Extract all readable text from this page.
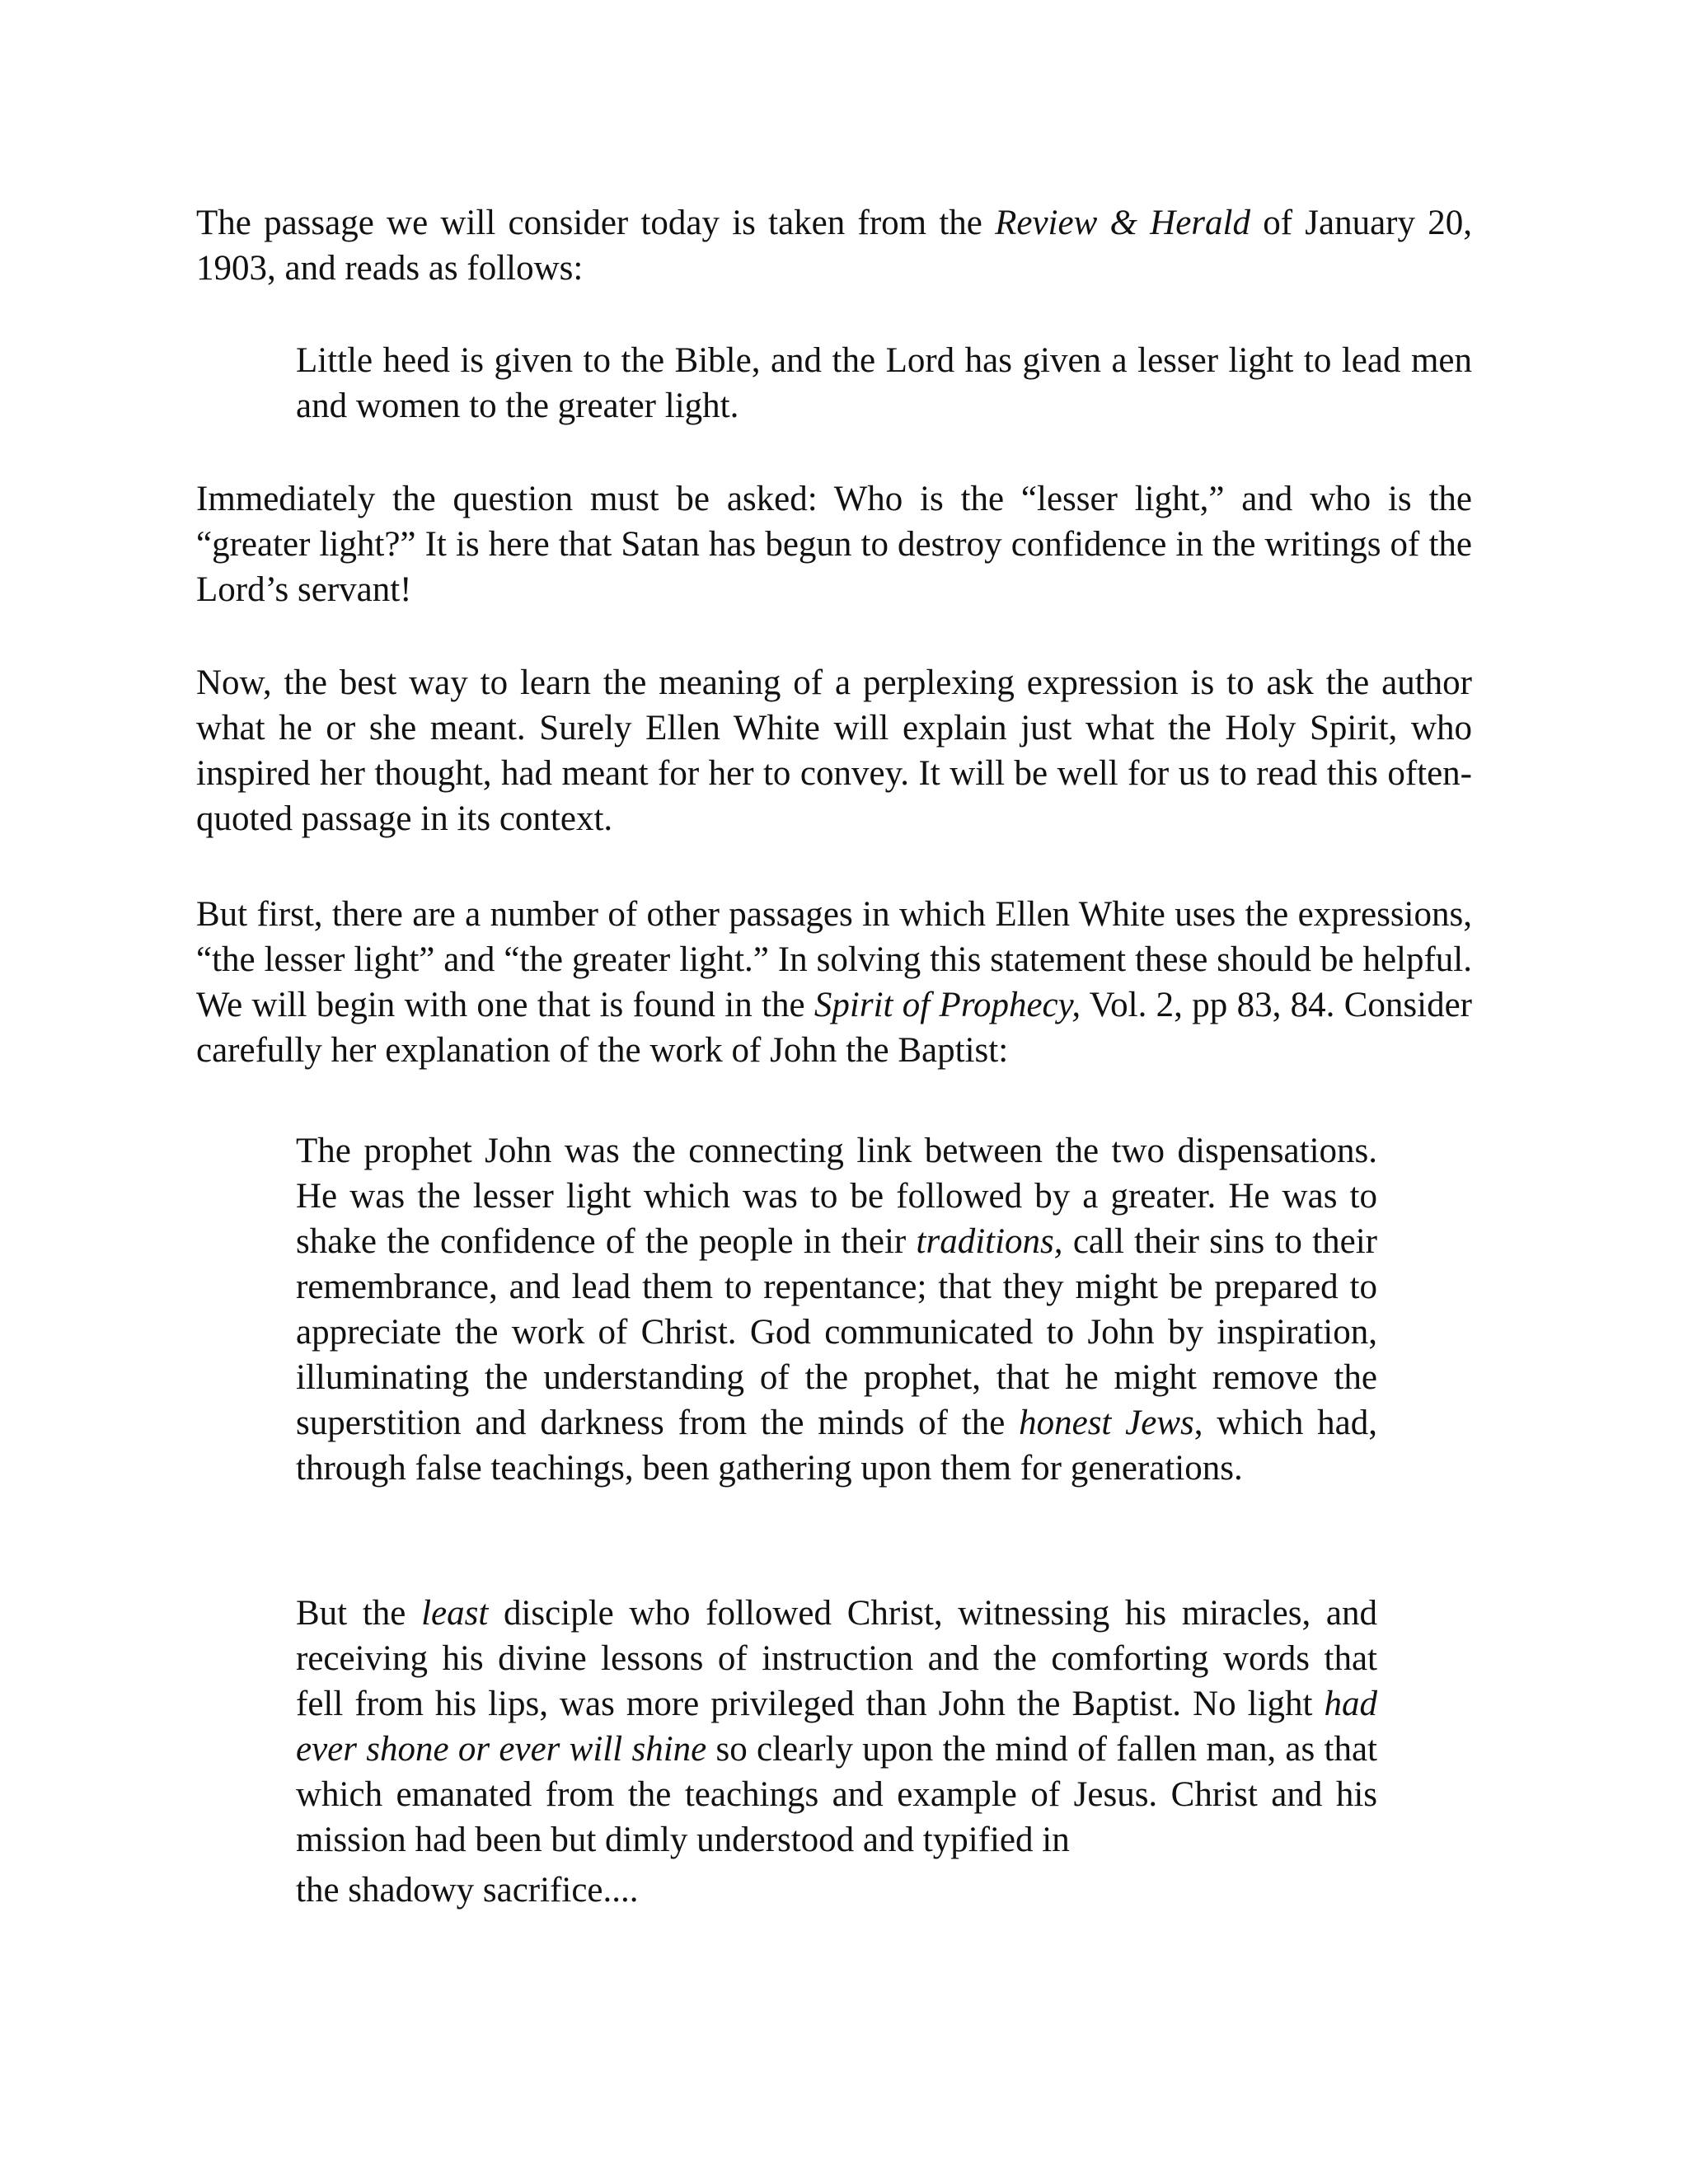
The passage we will consider today is taken from the Review & Herald of January 20, 1903, and reads as follows:

Little heed is given to the Bible, and the Lord has given a lesser light to lead men and women to the greater light.

Immediately the question must be asked: Who is the “lesser light,” and who is the “greater light?” It is here that Satan has begun to destroy confidence in the writings of the Lord’s servant!

Now, the best way to learn the meaning of a perplexing expression is to ask the author what he or she meant. Surely Ellen White will explain just what the Holy Spirit, who inspired her thought, had meant for her to convey. It will be well for us to read this often-quoted passage in its context.

But first, there are a number of other passages in which Ellen White uses the expressions, “the lesser light” and “the greater light.” In solving this statement these should be helpful. We will begin with one that is found in the Spirit of Prophecy, Vol. 2, pp 83, 84. Consider carefully her explanation of the work of John the Baptist:

The prophet John was the connecting link between the two dispensations. He was the lesser light which was to be followed by a greater. He was to shake the confidence of the people in their traditions, call their sins to their remembrance, and lead them to repentance; that they might be prepared to appreciate the work of Christ. God communicated to John by inspiration, illuminating the understanding of the prophet, that he might remove the superstition and darkness from the minds of the honest Jews, which had, through false teachings, been gathering upon them for generations.

But the least disciple who followed Christ, witnessing his miracles, and receiving his divine lessons of instruction and the comforting words that fell from his lips, was more privileged than John the Baptist. No light had ever shone or ever will shine so clearly upon the mind of fallen man, as that which emanated from the teachings and example of Jesus. Christ and his mission had been but dimly understood and typified in
the shadowy sacrifice....
